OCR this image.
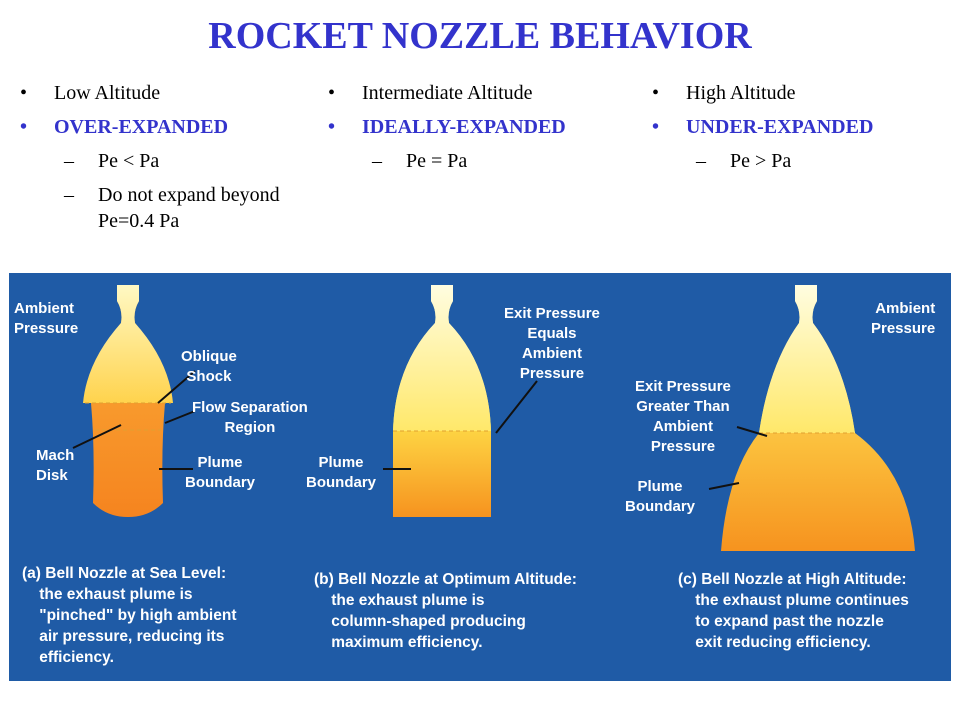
ROCKET NOZZLE BEHAVIOR
• Low Altitude
• OVER-EXPANDED
– Pe < Pa
– Do not expand beyond
Pe=0.4 Pa
• Intermediate Altitude
• IDEALLY-EXPANDED
– Pe = Pa
• High Altitude
• UNDER-EXPANDED
– Pe > Pa
Ambient
Pressure
Oblique
Shock
Flow Separation
Region
Mach
Disk
Plume
Boundary
(a) Bell Nozzle at Sea Level:
the exhaust plume is
"pinched" by high ambient
air pressure, reducing its
efficiency.
Exit Pressure
Equals
Ambient
Pressure
Plume
Boundary
(b) Bell Nozzle at Optimum Altitude:
the exhaust plume is
column-shaped producing
maximum efficiency.
Ambient
Pressure
Exit Pressure
Greater Than
Ambient
Pressure
Plume
Boundary
(c) Bell Nozzle at High Altitude:
the exhaust plume continues
to expand past the nozzle
exit reducing efficiency.
